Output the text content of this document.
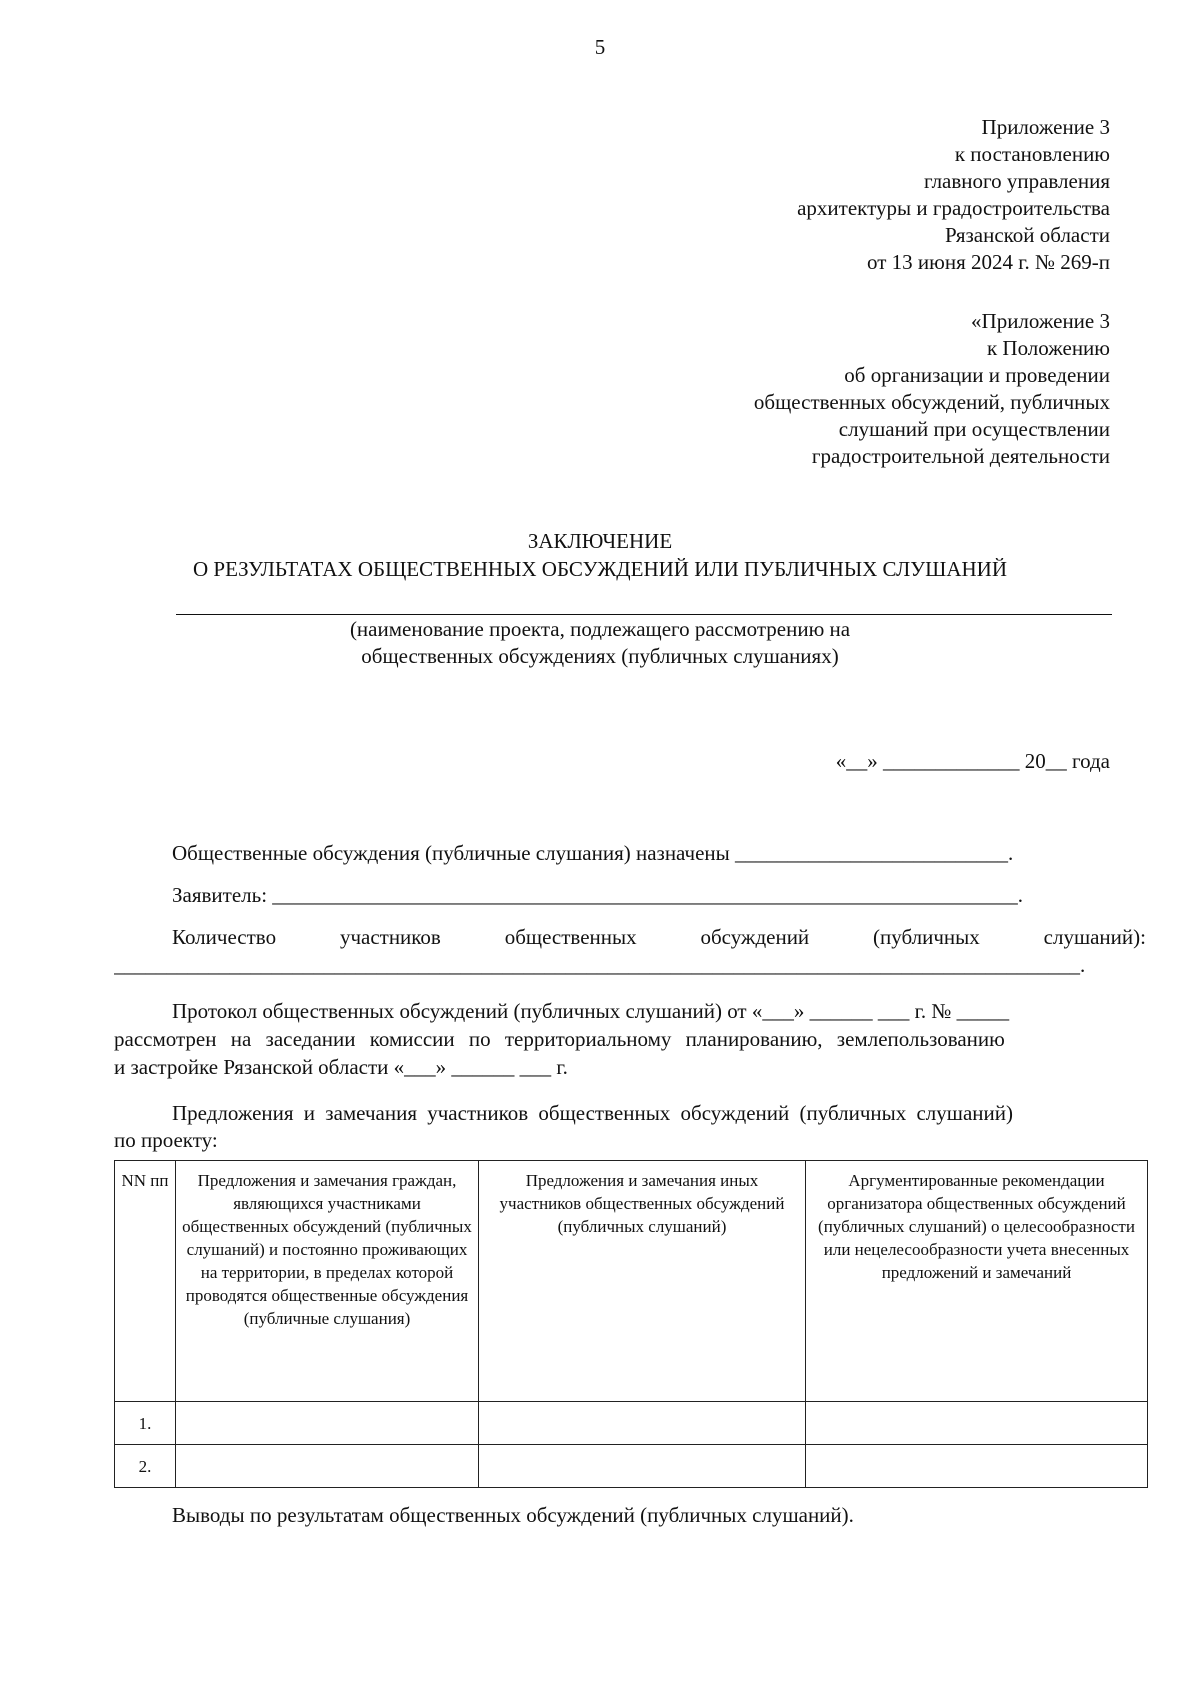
5
Приложение 3
к постановлению
главного управления
архитектуры и градостроительства
Рязанской области
от 13 июня 2024 г. № 269-п
«Приложение 3
к Положению
об организации и проведении
общественных обсуждений, публичных
слушаний при осуществлении
градостроительной деятельности
ЗАКЛЮЧЕНИЕ
О РЕЗУЛЬТАТАХ ОБЩЕСТВЕННЫХ ОБСУЖДЕНИЙ ИЛИ ПУБЛИЧНЫХ СЛУШАНИЙ
(наименование проекта, подлежащего рассмотрению на
общественных обсуждениях (публичных слушаниях)
«__» _____________ 20__ года
Общественные обсуждения (публичные слушания) назначены __________________________.
Заявитель: _______________________________________________________________________.
Количество	участников	общественных	обсуждений	(публичных	слушаний):
____________________________________________________________________________________________.
Протокол общественных обсуждений (публичных слушаний) от «___» ______ ___ г. № _____
рассмотрен на заседании комиссии по территориальному планированию, землепользованию
и застройке Рязанской области «___» ______ ___ г.
Предложения и замечания участников общественных обсуждений (публичных слушаний)
по проекту:
NN пп	Предложения и замечания граждан, являющихся участниками общественных обсуждений (публичных слушаний) и постоянно проживающих на территории, в пределах которой проводятся общественные обсуждения (публичные слушания)	Предложения и замечания иных участников общественных обсуждений (публичных слушаний)	Аргументированные рекомендации организатора общественных обсуждений (публичных слушаний) о целесообразности или нецелесообразности учета внесенных предложений и замечаний
1.			
2.			
Выводы по результатам общественных обсуждений (публичных слушаний).
